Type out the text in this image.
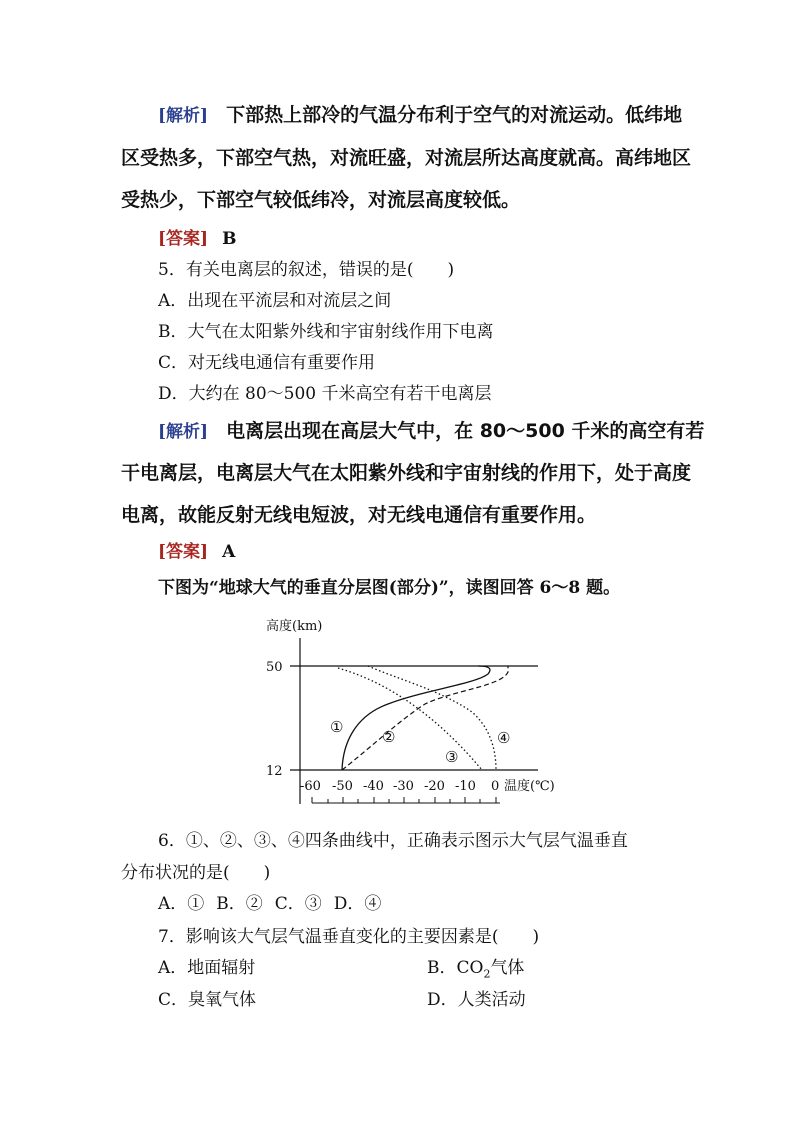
[解析] 下部热上部冷的气温分布利于空气的对流运动。低纬地
区受热多，下部空气热，对流旺盛，对流层所达高度就高。高纬地区
受热少，下部空气较低纬冷，对流层高度较低。
[答案] B
5．有关电离层的叙述，错误的是(　　)
A．出现在平流层和对流层之间
B．大气在太阳紫外线和宇宙射线作用下电离
C．对无线电通信有重要作用
D．大约在 80～500 千米高空有若干电离层
[解析] 电离层出现在高层大气中，在 80～500 千米的高空有若
干电离层，电离层大气在太阳紫外线和宇宙射线的作用下，处于高度
电离，故能反射无线电短波，对无线电通信有重要作用。
[答案] A
下图为“地球大气的垂直分层图(部分)”，读图回答 6～8 题。
高度(km)
50
12
-60 -50 -40 -30 -20 -10 0 温度(℃)
①
②
③
④
6．①、②、③、④四条曲线中，正确表示图示大气层气温垂直
分布状况的是(　　)
A．① B．② C．③ D．④
7．影响该大气层气温垂直变化的主要因素是(　　)
A．地面辐射	B．$CO_2$气体
C．臭氧气体	D．人类活动
